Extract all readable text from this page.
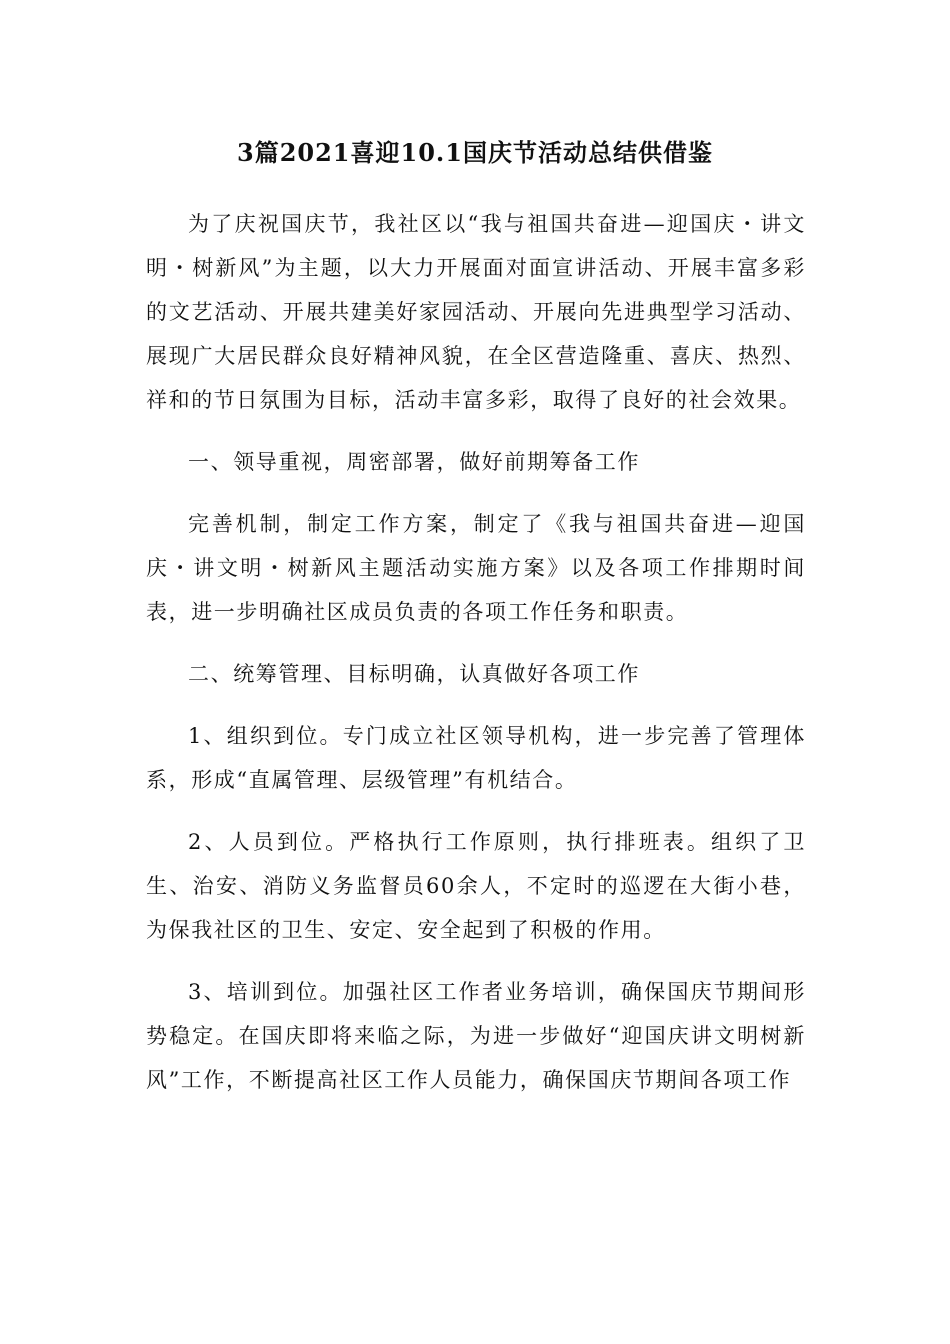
3篇2021喜迎10.1国庆节活动总结供借鉴

为了庆祝国庆节，我社区以“我与祖国共奋进—迎国庆・讲文明・树新风”为主题，以大力开展面对面宣讲活动、开展丰富多彩的文艺活动、开展共建美好家园活动、开展向先进典型学习活动、展现广大居民群众良好精神风貌，在全区营造隆重、喜庆、热烈、祥和的节日氛围为目标，活动丰富多彩，取得了良好的社会效果。

一、领导重视，周密部署，做好前期筹备工作

完善机制，制定工作方案，制定了《我与祖国共奋进—迎国庆・讲文明・树新风主题活动实施方案》以及各项工作排期时间表，进一步明确社区成员负责的各项工作任务和职责。

二、统筹管理、目标明确，认真做好各项工作

1、组织到位。专门成立社区领导机构，进一步完善了管理体系，形成“直属管理、层级管理”有机结合。

2、人员到位。严格执行工作原则，执行排班表。组织了卫生、治安、消防义务监督员60余人，不定时的巡逻在大街小巷，为保我社区的卫生、安定、安全起到了积极的作用。

3、培训到位。加强社区工作者业务培训，确保国庆节期间形势稳定。在国庆即将来临之际，为进一步做好“迎国庆讲文明树新风”工作，不断提高社区工作人员能力，确保国庆节期间各项工作
